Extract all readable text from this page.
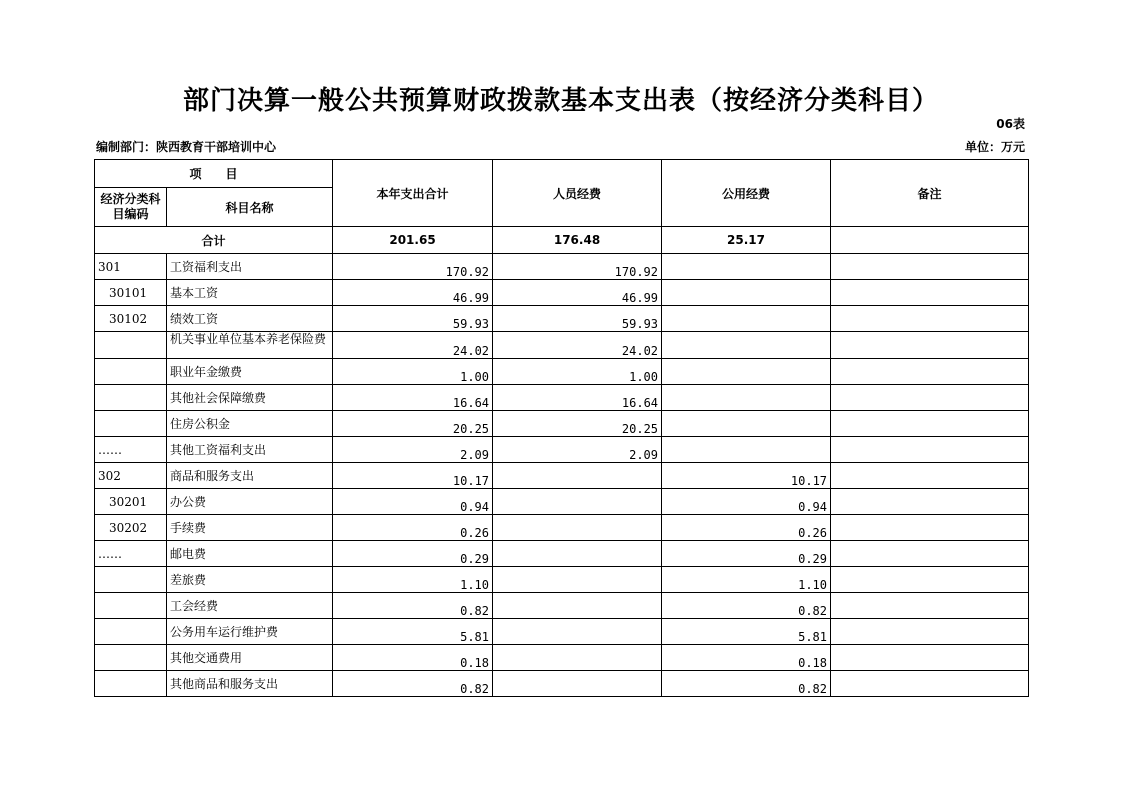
部门决算一般公共预算财政拨款基本支出表（按经济分类科目）
06表
编制部门：陕西教育干部培训中心	单位：万元
项　　目		本年支出合计	人员经费	公用经费	备注
经济分类科目编码	科目名称				
合计		201.65	176.48	25.17	
301	工资福利支出	170.92	170.92		
30101	基本工资	46.99	46.99		
30102	绩效工资	59.93	59.93		
	机关事业单位基本养老保险费	24.02	24.02		
	职业年金缴费	1.00	1.00		
	其他社会保障缴费	16.64	16.64		
	住房公积金	20.25	20.25		
……	其他工资福利支出	2.09	2.09		
302	商品和服务支出	10.17		10.17	
30201	办公费	0.94		0.94	
30202	手续费	0.26		0.26	
……	邮电费	0.29		0.29	
	差旅费	1.10		1.10	
	工会经费	0.82		0.82	
	公务用车运行维护费	5.81		5.81	
	其他交通费用	0.18		0.18	
	其他商品和服务支出	0.82		0.82	
